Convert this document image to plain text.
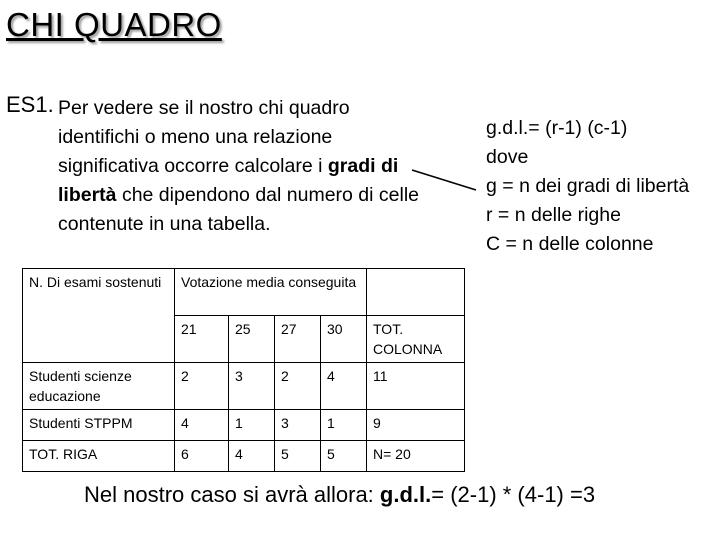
CHI QUADRO
ES1. Per vedere se il nostro chi quadro identifichi o meno una relazione significativa occorre calcolare i gradi di libertà che dipendono dal numero di celle contenute in una tabella.
g.d.l.= (r-1) (c-1)
dove
g = n dei gradi di libertà
r = n delle righe
C = n delle colonne
N. Di esami sostenuti	Votazione media conseguita				
	21	25	27	30	TOT. COLONNA
Studenti scienze educazione	2	3	2	4	11
Studenti STPPM	4	1	3	1	9
TOT. RIGA	6	4	5	5	N= 20
Nel nostro caso si avrà allora: g.d.l.= (2-1) * (4-1) =3
